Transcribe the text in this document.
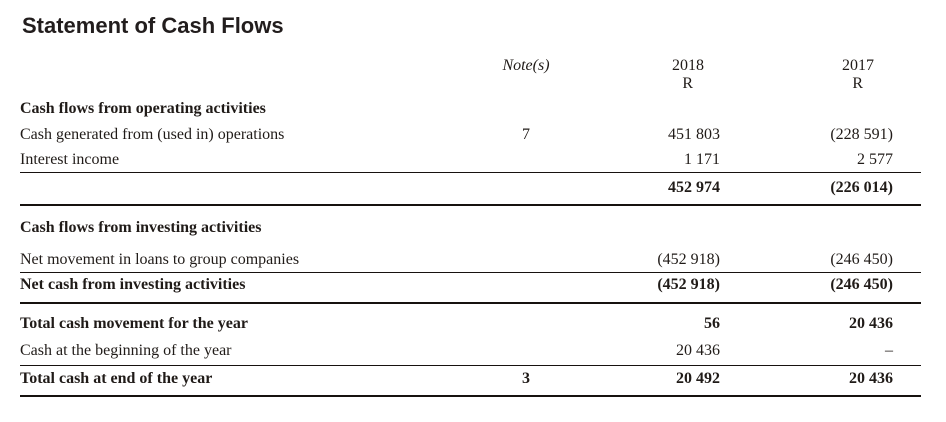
Statement of Cash Flows
	Note(s)	2018	2017
		R	R
Cash flows from operating activities			
Cash generated from (used in) operations	7	451 803	(228 591)
Interest income		1 171	2 577
		452 974	(226 014)

Cash flows from investing activities			
Net movement in loans to group companies		(452 918)	(246 450)
Net cash from investing activities		(452 918)	(246 450)

Total cash movement for the year		56	20 436
Cash at the beginning of the year		20 436	–
Total cash at end of the year	3	20 492	20 436
